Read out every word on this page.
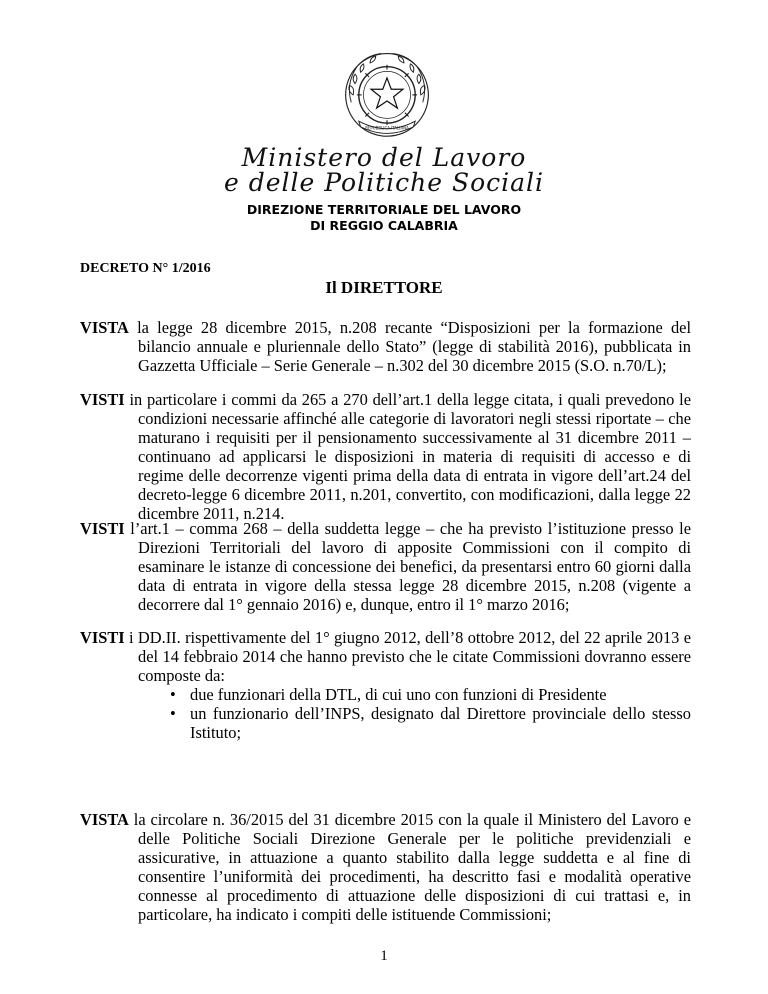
REPUBBLICA ITALIANA
Ministero del Lavoro
e delle Politiche Sociali
DIREZIONE TERRITORIALE DEL LAVORO
DI REGGIO CALABRIA
DECRETO N° 1/2016
Il DIRETTORE
VISTA la legge 28 dicembre 2015, n.208 recante “Disposizioni per la formazione del
bilancio annuale e pluriennale dello Stato” (legge di stabilità 2016), pubblicata in Gazzetta Ufficiale – Serie Generale – n.302 del 30 dicembre 2015 (S.O. n.70/L);
VISTI in particolare i commi da 265 a 270 dell’art.1 della legge citata, i quali prevedono le
condizioni necessarie affinché alle categorie di lavoratori negli stessi riportate – che maturano i requisiti per il pensionamento successivamente al 31 dicembre 2011 – continuano ad applicarsi le disposizioni in materia di requisiti di accesso e di regime delle decorrenze vigenti prima della data di entrata in vigore dell’art.24 del decreto-legge 6 dicembre 2011, n.201, convertito, con modificazioni, dalla legge 22 dicembre 2011, n.214.
VISTI l’art.1 – comma 268 – della suddetta legge – che ha previsto l’istituzione presso le
Direzioni Territoriali del lavoro di apposite Commissioni con il compito di esaminare le istanze di concessione dei benefici, da presentarsi entro 60 giorni dalla data di entrata in vigore della stessa legge 28 dicembre 2015, n.208 (vigente a decorrere dal 1° gennaio 2016) e, dunque, entro il 1° marzo 2016;
VISTI i DD.II. rispettivamente del 1° giugno 2012, dell’8 ottobre 2012, del 22 aprile 2013 e
del 14 febbraio 2014 che hanno previsto che le citate Commissioni dovranno essere composte da:
• due funzionari della DTL, di cui uno con funzioni di Presidente
• un funzionario dell’INPS, designato dal Direttore provinciale dello stesso Istituto;
VISTA la circolare n. 36/2015 del 31 dicembre 2015 con la quale il Ministero del Lavoro e
delle Politiche Sociali Direzione Generale per le politiche previdenziali e assicurative, in attuazione a quanto stabilito dalla legge suddetta e al fine di consentire l’uniformità dei procedimenti, ha descritto fasi e modalità operative connesse al procedimento di attuazione delle disposizioni di cui trattasi e, in particolare, ha indicato i compiti delle istituende Commissioni;
1
